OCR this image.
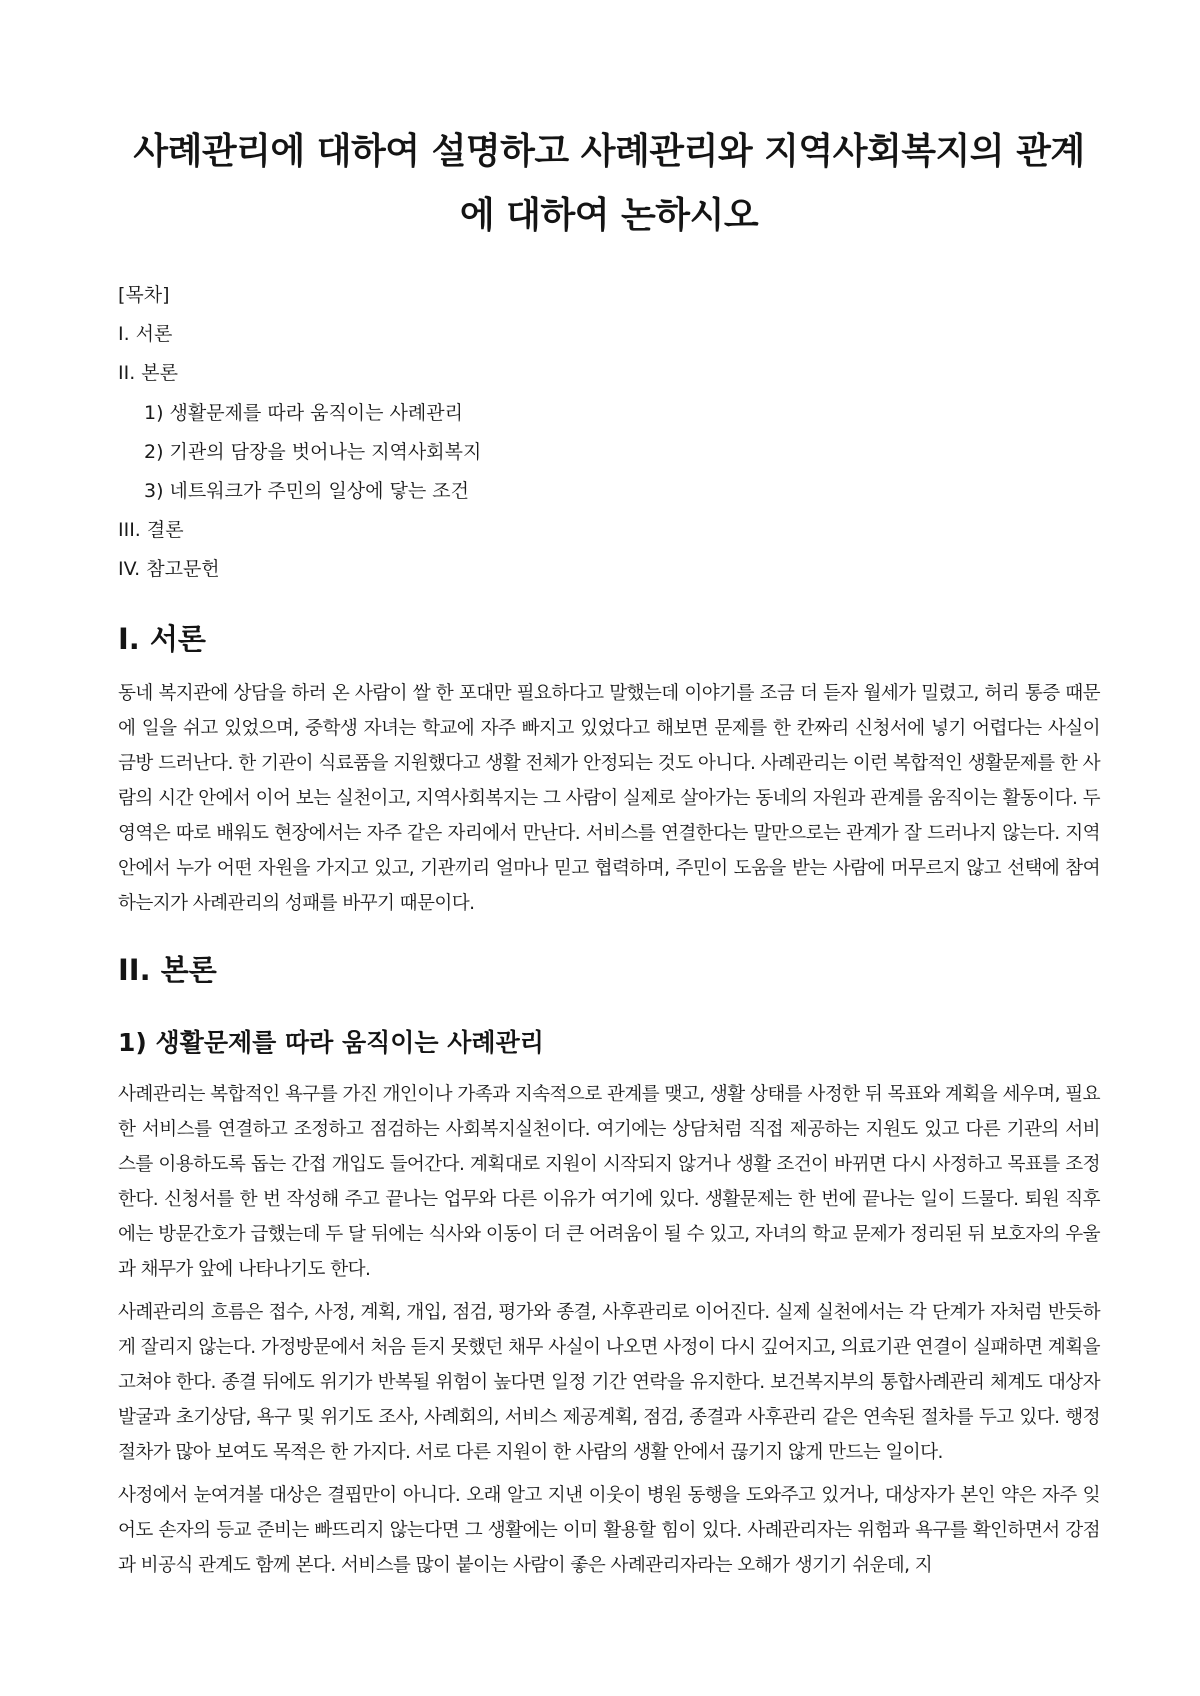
사례관리에 대하여 설명하고 사례관리와 지역사회복지의 관계에 대하여 논하시오
[목차]
I. 서론
II. 본론
1) 생활문제를 따라 움직이는 사례관리
2) 기관의 담장을 벗어나는 지역사회복지
3) 네트워크가 주민의 일상에 닿는 조건
III. 결론
IV. 참고문헌
I. 서론

동네 복지관에 상담을 하러 온 사람이 쌀 한 포대만 필요하다고 말했는데 이야기를 조금 더 듣자 월세가 밀렸고, 허리 통증 때문에 일을 쉬고 있었으며, 중학생 자녀는 학교에 자주 빠지고 있었다고 해보면 문제를 한 칸짜리 신청서에 넣기 어렵다는 사실이 금방 드러난다. 한 기관이 식료품을 지원했다고 생활 전체가 안정되는 것도 아니다. 사례관리는 이런 복합적인 생활문제를 한 사람의 시간 안에서 이어 보는 실천이고, 지역사회복지는 그 사람이 실제로 살아가는 동네의 자원과 관계를 움직이는 활동이다. 두 영역은 따로 배워도 현장에서는 자주 같은 자리에서 만난다. 서비스를 연결한다는 말만으로는 관계가 잘 드러나지 않는다. 지역 안에서 누가 어떤 자원을 가지고 있고, 기관끼리 얼마나 믿고 협력하며, 주민이 도움을 받는 사람에 머무르지 않고 선택에 참여하는지가 사례관리의 성패를 바꾸기 때문이다.

II. 본론
1) 생활문제를 따라 움직이는 사례관리

사례관리는 복합적인 욕구를 가진 개인이나 가족과 지속적으로 관계를 맺고, 생활 상태를 사정한 뒤 목표와 계획을 세우며, 필요한 서비스를 연결하고 조정하고 점검하는 사회복지실천이다. 여기에는 상담처럼 직접 제공하는 지원도 있고 다른 기관의 서비스를 이용하도록 돕는 간접 개입도 들어간다. 계획대로 지원이 시작되지 않거나 생활 조건이 바뀌면 다시 사정하고 목표를 조정한다. 신청서를 한 번 작성해 주고 끝나는 업무와 다른 이유가 여기에 있다. 생활문제는 한 번에 끝나는 일이 드물다. 퇴원 직후에는 방문간호가 급했는데 두 달 뒤에는 식사와 이동이 더 큰 어려움이 될 수 있고, 자녀의 학교 문제가 정리된 뒤 보호자의 우울과 채무가 앞에 나타나기도 한다.

사례관리의 흐름은 접수, 사정, 계획, 개입, 점검, 평가와 종결, 사후관리로 이어진다. 실제 실천에서는 각 단계가 자처럼 반듯하게 잘리지 않는다. 가정방문에서 처음 듣지 못했던 채무 사실이 나오면 사정이 다시 깊어지고, 의료기관 연결이 실패하면 계획을 고쳐야 한다. 종결 뒤에도 위기가 반복될 위험이 높다면 일정 기간 연락을 유지한다. 보건복지부의 통합사례관리 체계도 대상자 발굴과 초기상담, 욕구 및 위기도 조사, 사례회의, 서비스 제공계획, 점검, 종결과 사후관리 같은 연속된 절차를 두고 있다. 행정 절차가 많아 보여도 목적은 한 가지다. 서로 다른 지원이 한 사람의 생활 안에서 끊기지 않게 만드는 일이다.

사정에서 눈여겨볼 대상은 결핍만이 아니다. 오래 알고 지낸 이웃이 병원 동행을 도와주고 있거나, 대상자가 본인 약은 자주 잊어도 손자의 등교 준비는 빠뜨리지 않는다면 그 생활에는 이미 활용할 힘이 있다. 사례관리자는 위험과 욕구를 확인하면서 강점과 비공식 관계도 함께 본다. 서비스를 많이 붙이는 사람이 좋은 사례관리자라는 오해가 생기기 쉬운데, 지
